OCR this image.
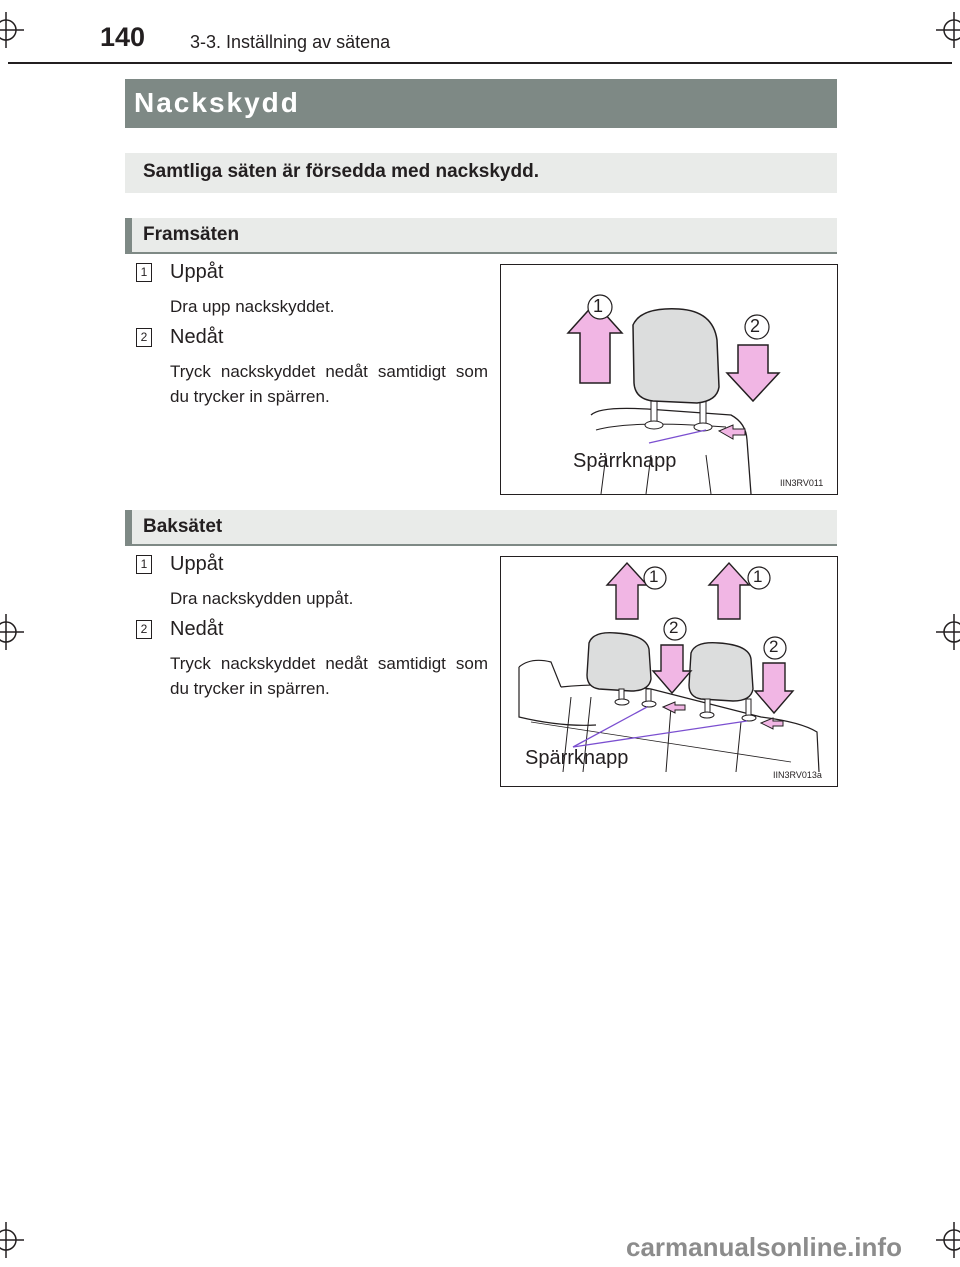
140 3-3. Inställning av sätena
Nackskydd
Samtliga säten är försedda med nackskydd.
Framsäten
1 Uppåt
Dra upp nackskyddet.
2 Nedåt
Tryck nackskyddet nedåt samtidigt som du trycker in spärren.
1
2
Spärrknapp
IIN3RV011
Baksätet
1 Uppåt
Dra nackskydden uppåt.
2 Nedåt
Tryck nackskyddet nedåt samtidigt som du trycker in spärren.
1	1
2
2
Spärrknapp
IIN3RV013a
carmanualsonline.info
